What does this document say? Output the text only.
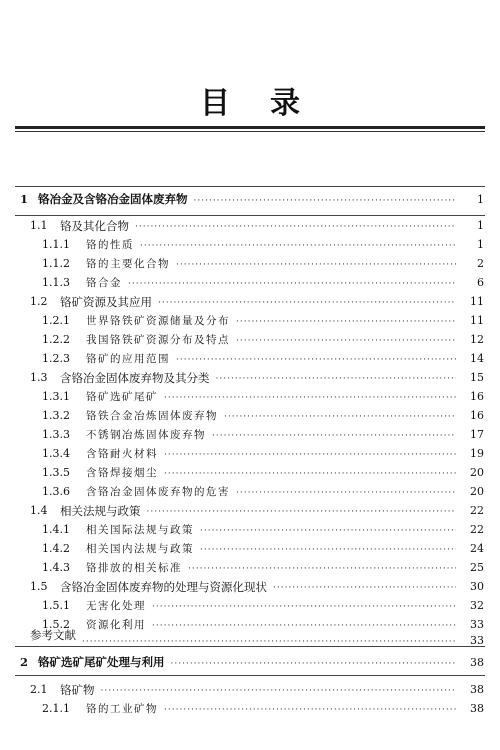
目录
1 铬冶金及含铬冶金固体废弃物 ·····	1
1.1	铬及其化合物 ·····	1
1.1.1	铬的性质 ·····	1
1.1.2	铬的主要化合物 ·····	2
1.1.3	铬合金 ·····	6
1.2	铬矿资源及其应用 ·····	11
1.2.1	世界铬铁矿资源储量及分布 ·····	11
1.2.2	我国铬铁矿资源分布及特点 ·····	12
1.2.3	铬矿的应用范围 ·····	14
1.3	含铬冶金固体废弃物及其分类 ·····	15
1.3.1	铬矿选矿尾矿 ·····	16
1.3.2	铬铁合金冶炼固体废弃物 ·····	16
1.3.3	不锈钢冶炼固体废弃物 ·····	17
1.3.4	含铬耐火材料 ·····	19
1.3.5	含铬焊接烟尘 ·····	20
1.3.6	含铬冶金固体废弃物的危害 ·····	20
1.4	相关法规与政策 ·····	22
1.4.1	相关国际法规与政策 ·····	22
1.4.2	相关国内法规与政策 ·····	24
1.4.3	铬排放的相关标准 ·····	25
1.5	含铬冶金固体废弃物的处理与资源化现状 ·····	30
1.5.1	无害化处理 ·····	32
1.5.2	资源化利用 ·····	33
参考文献 ·····	33
2 铬矿选矿尾矿处理与利用 ·····	38
2.1	铬矿物 ·····	38
2.1.1	铬的工业矿物 ·····	38
